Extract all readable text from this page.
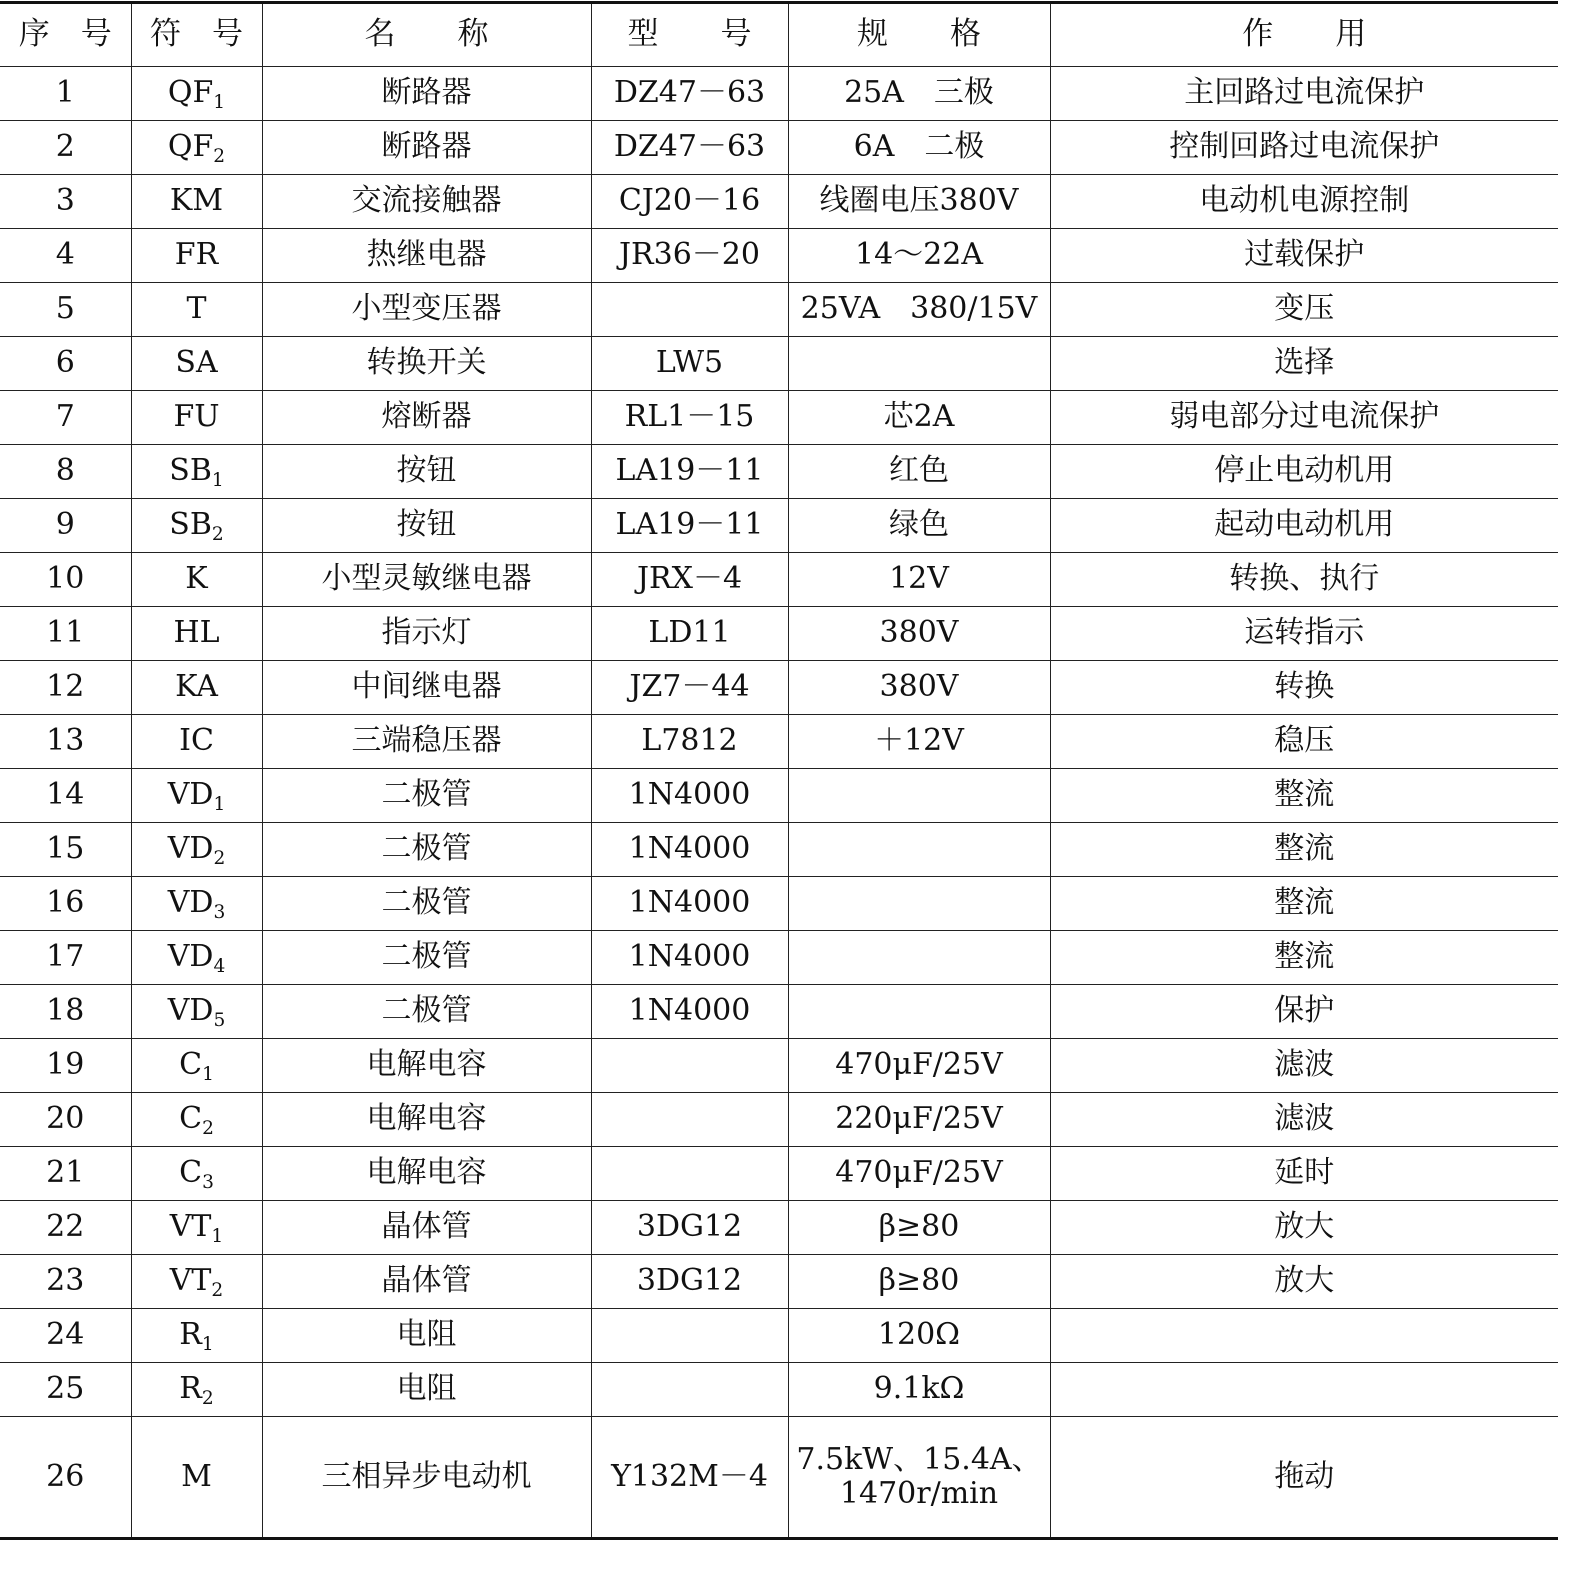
序　号	符　号	名　　称	型　　号	规　　格	作　　用
1	$QF_1$	断路器	DZ47－63	25A　三极	主回路过电流保护
2	$QF_2$	断路器	DZ47－63	6A　二极	控制回路过电流保护
3	KM	交流接触器	CJ20－16	线圈电压380V	电动机电源控制
4	FR	热继电器	JR36－20	14～22A	过载保护
5	T	小型变压器		25VA　380/15V	变压
6	SA	转换开关	LW5		选择
7	FU	熔断器	RL1－15	芯2A	弱电部分过电流保护
8	$SB_1$	按钮	LA19－11	红色	停止电动机用
9	$SB_2$	按钮	LA19－11	绿色	起动电动机用
10	K	小型灵敏继电器	JRX－4	12V	转换、执行
11	HL	指示灯	LD11	380V	运转指示
12	KA	中间继电器	JZ7－44	380V	转换
13	IC	三端稳压器	L7812	＋12V	稳压
14	$VD_1$	二极管	1N4000		整流
15	$VD_2$	二极管	1N4000		整流
16	$VD_3$	二极管	1N4000		整流
17	$VD_4$	二极管	1N4000		整流
18	$VD_5$	二极管	1N4000		保护
19	$C_1$	电解电容		470μF/25V	滤波
20	$C_2$	电解电容		220μF/25V	滤波
21	$C_3$	电解电容		470μF/25V	延时
22	$VT_1$	晶体管	3DG12	β≥80	放大
23	$VT_2$	晶体管	3DG12	β≥80	放大
24	$R_1$	电阻		120Ω	
25	$R_2$	电阻		9.1kΩ	
26	M	三相异步电动机	Y132M－4	7.5kW、15.4A、
1470r/min	拖动
